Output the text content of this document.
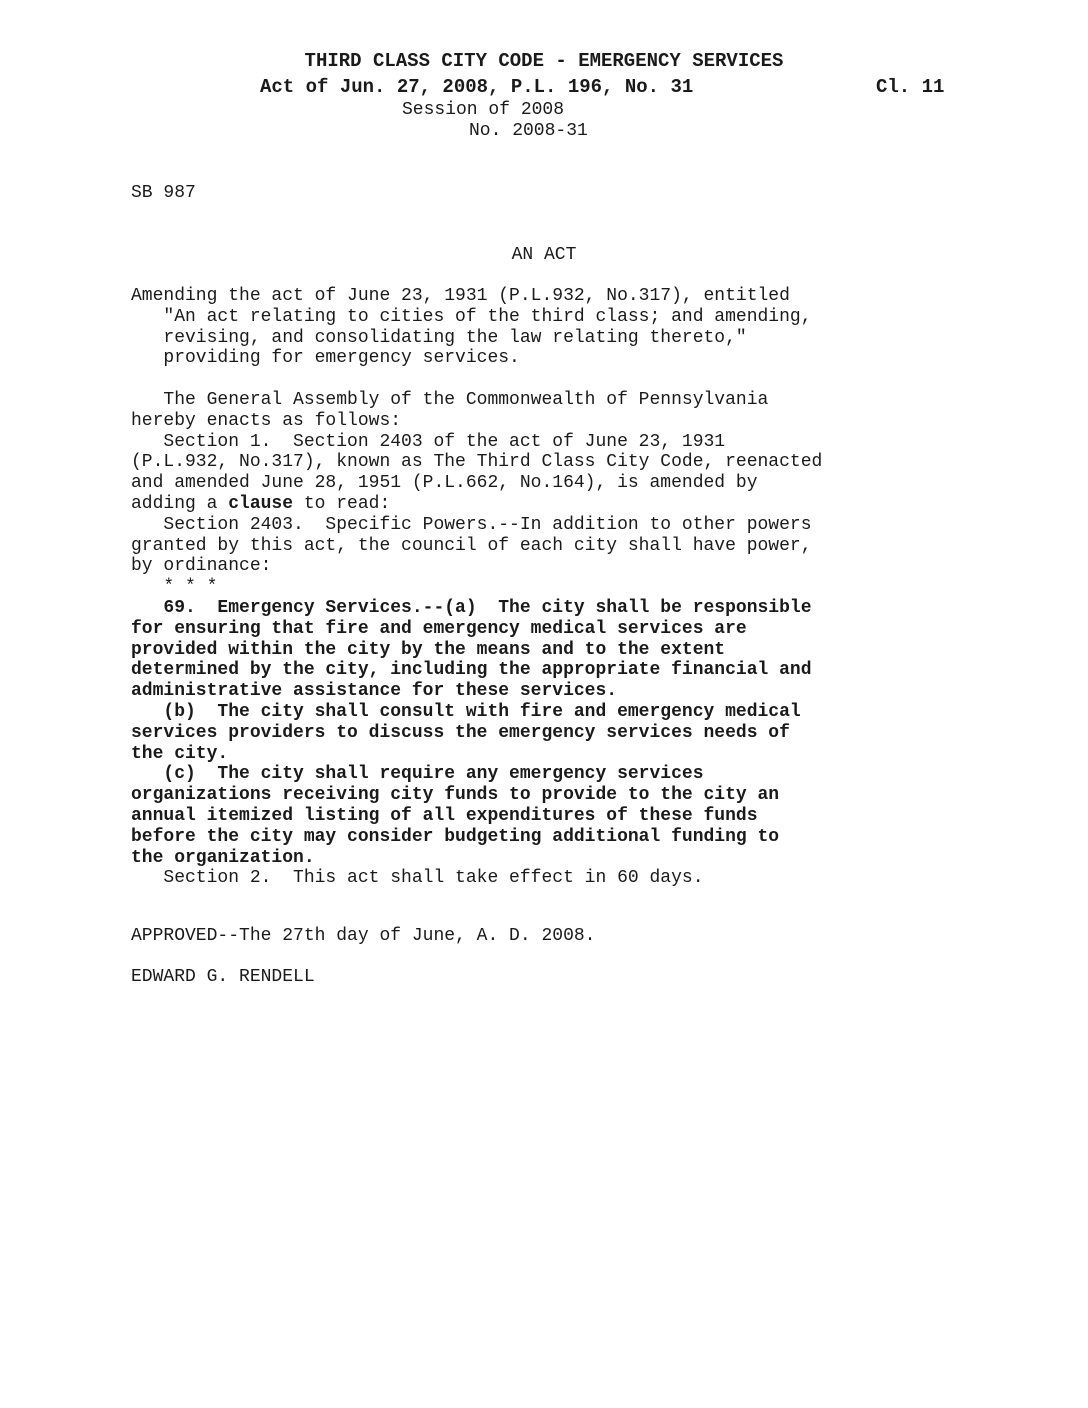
THIRD CLASS CITY CODE - EMERGENCY SERVICES
Act of Jun. 27, 2008, P.L. 196, No. 31	Cl. 11
Session of 2008
No. 2008-31
SB 987
AN ACT
Amending the act of June 23, 1931 (P.L.932, No.317), entitled
"An act relating to cities of the third class; and amending,
revising, and consolidating the law relating thereto,"
providing for emergency services.
The General Assembly of the Commonwealth of Pennsylvania
hereby enacts as follows:
Section 1.  Section 2403 of the act of June 23, 1931
(P.L.932, No.317), known as The Third Class City Code, reenacted
and amended June 28, 1951 (P.L.662, No.164), is amended by
adding a clause to read:
Section 2403.  Specific Powers.--In addition to other powers
granted by this act, the council of each city shall have power,
by ordinance:
* * *
69.  Emergency Services.--(a)  The city shall be responsible
for ensuring that fire and emergency medical services are
provided within the city by the means and to the extent
determined by the city, including the appropriate financial and
administrative assistance for these services.
(b)  The city shall consult with fire and emergency medical
services providers to discuss the emergency services needs of
the city.
(c)  The city shall require any emergency services
organizations receiving city funds to provide to the city an
annual itemized listing of all expenditures of these funds
before the city may consider budgeting additional funding to
the organization.
Section 2.  This act shall take effect in 60 days.
APPROVED--The 27th day of June, A. D. 2008.
EDWARD G. RENDELL
